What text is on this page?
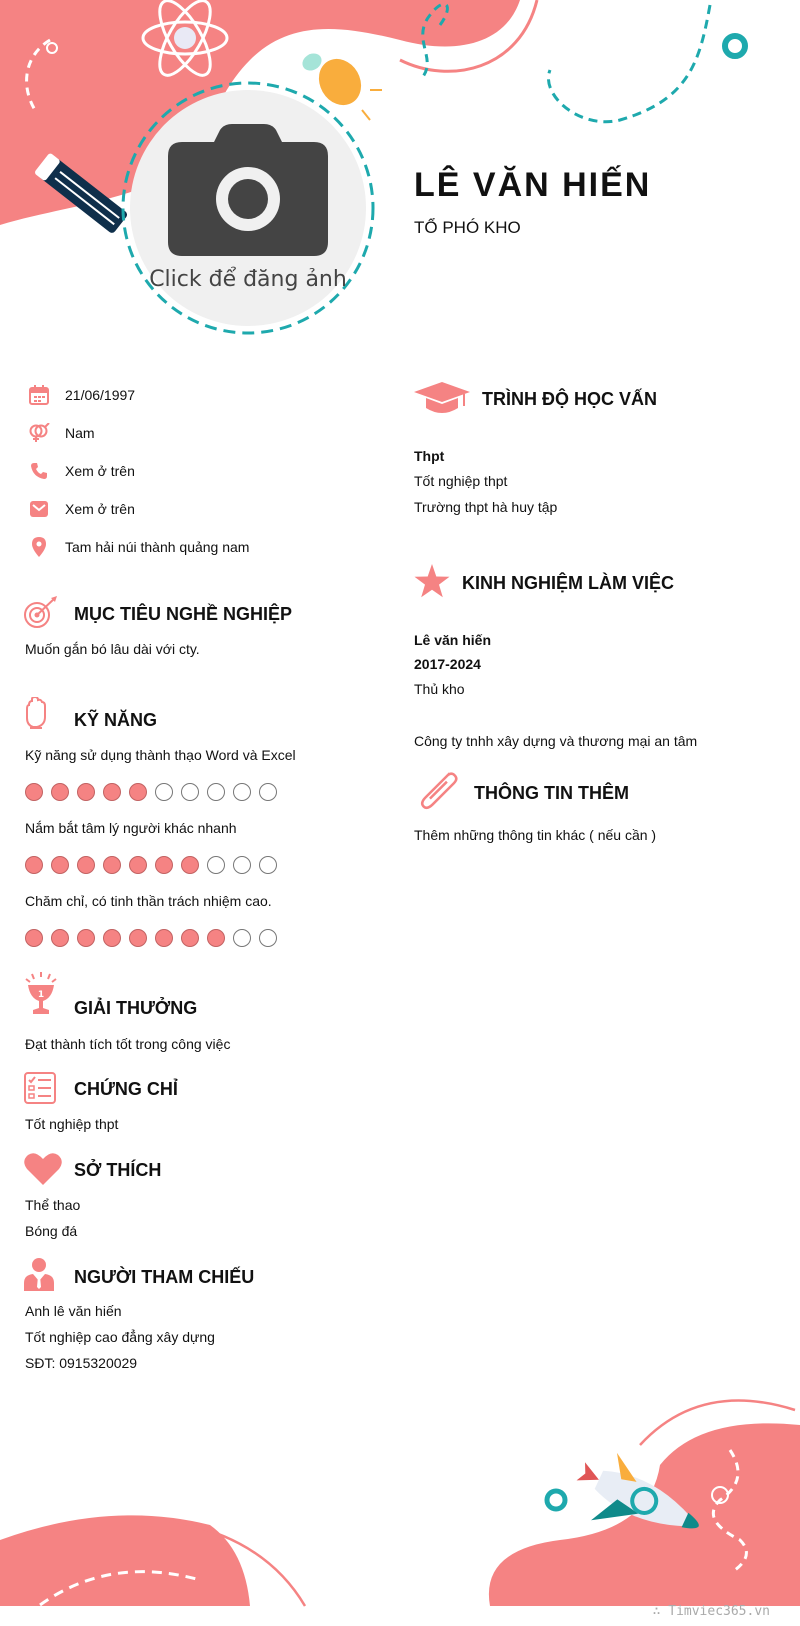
Click để đăng ảnh
LÊ VĂN HIẾN
TỔ PHÓ KHO
21/06/1997
Nam
Xem ở trên
Xem ở trên
Tam hải núi thành quảng nam
MỤC TIÊU NGHỀ NGHIỆP
Muốn gắn bó lâu dài với cty.
KỸ NĂNG
Kỹ năng sử dụng thành thạo Word và Excel
Nắm bắt tâm lý người khác nhanh
Chăm chỉ, có tinh thần trách nhiệm cao.
1
GIẢI THƯỞNG
Đạt thành tích tốt trong công việc
CHỨNG CHỈ
Tốt nghiệp thpt
SỞ THÍCH
Thể thao
Bóng đá
NGƯỜI THAM CHIẾU
Anh lê văn hiến
Tốt nghiệp cao đẳng xây dựng
SĐT: 0915320029
TRÌNH ĐỘ HỌC VẤN
Thpt
Tốt nghiệp thpt
Trường thpt hà huy tập
KINH NGHIỆM LÀM VIỆC
Lê văn hiến
2017-2024
Thủ kho
Công ty tnhh xây dựng và thương mại an tâm
THÔNG TIN THÊM
Thêm những thông tin khác ( nếu cần )
∴ Timviec365.vn
